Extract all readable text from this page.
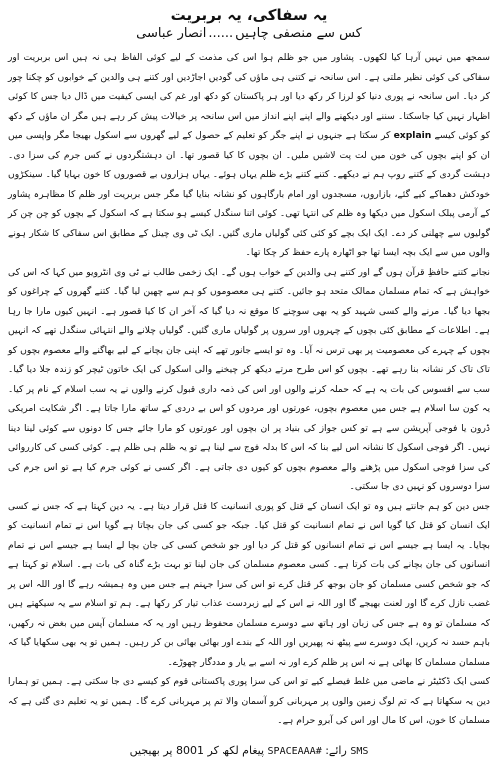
یہ سفاکی، یہ بربریت
کس سے منصفی چاہیں......انصار عباسی

سمجھ میں نہیں آرہا کیا لکھوں۔ پشاور میں جو ظلم ہوا اس کی مذمت کے لیے کوئی الفاظ ہی نہ ہیں اس بربریت اور سفاکی کی کوئی نظیر ملتی ہے۔ اس سانحہ نے کتنی ہی ماؤں کی گودیں اجاڑدیں اور کتنے ہی والدین کے خوابوں کو چکنا چور کر دیا۔ اس سانحہ نے پوری دنیا کو لرزا کر رکھ دیا اور ہر پاکستان کو دکھ اور غم کی ایسی کیفیت میں ڈال دیا جس کا کوئی اظہار نہیں کیا جاسکتا۔ سننے اور دیکھنے والے اپنے اپنے انداز میں اس سانحہ پر خیالات پیش کر رہے ہیں مگر ان ماؤں کے دکھ کو کوئی کیسے explain کر سکتا ہے جنہوں نے اپنے جگر کو تعلیم کے حصول کے لیے گھروں سے اسکول بھیجا مگر واپسی میں ان کو اپنے بچوں کی خون میں لت پت لاشیں ملیں۔ ان بچوں کا کیا قصور تھا۔ ان دہشتگردوں نے کس جرم کی سزا دی۔ دہشت گردی کے کتنے روپ ہم نے دیکھے۔ کتنے کتنے بڑے ظلم یہاں ہوئے۔ یہاں ہزاروں بے قصوروں کا خون بہایا گیا۔ سینکڑوں خودکش دھماکے کیے گئے، بازاروں، مسجدوں اور امام بارگاہوں کو نشانہ بنایا گیا مگر جس بربریت اور ظلم کا مظاہرہ پشاور کے آرمی پبلک اسکول میں دیکھا وہ ظلم کی انتہا تھی۔ کوئی اتنا سنگدل کیسے ہو سکتا ہے کہ اسکول کے بچوں کو چن چن کر گولیوں سے چھلنی کر دے۔ ایک ایک بچے کو کئی کئی گولیاں ماری گئیں۔ ایک ٹی وی چینل کے مطابق اس سفاکی کا شکار ہونے والوں میں سے ایک بچہ ایسا تھا جو اٹھارہ پارے حفظ کر چکا تھا۔

نجانے کتنے حافظِ قرآن ہوں گے اور کتنے ہی والدین کے خواب ہوں گے۔ ایک زخمی طالب نے ٹی وی انٹرویو میں کہا کہ اس کی خواہش ہے کہ تمام مسلمان ممالک متحد ہو جائیں۔ کتنے ہی معصوموں کو ہم سے چھین لیا گیا۔ کتنے گھروں کے چراغوں کو بجھا دیا گیا۔ مرنے والے کسی شہید کو یہ بھی سوچنے کا موقع نہ دیا گیا کہ آخر ان کا کیا قصور ہے۔ انہیں کیوں مارا جا رہا ہے۔ اطلاعات کے مطابق کئی بچوں کے چہروں اور سروں پر گولیاں ماری گئیں۔ گولیاں چلانے والے انتہائی سنگدل تھے کہ انہیں بچوں کے چہرے کی معصومیت پر بھی ترس نہ آیا۔ وہ تو ایسے جانور تھے کہ اپنی جان بچانے کے لیے بھاگنے والے معصوم بچوں کو تاک تاک کر نشانہ بنا رہے تھے۔ بچوں کو اس طرح مرتے دیکھ کر چیخنے والی اسکول کی ایک خاتون ٹیچر کو زندہ جلا دیا گیا۔ سب سے افسوس کی بات یہ ہے کہ حملہ کرنے والوں اور اس کی ذمہ داری قبول کرنے والوں نے یہ سب اسلام کے نام پر کیا۔ یہ کون سا اسلام ہے جس میں معصوم بچوں، عورتوں اور مردوں کو اس بے دردی کے ساتھ مارا جاتا ہے۔ اگر شکایت امریکی ڈرون یا فوجی آپریشن سے ہے تو کس جواز کی بنیاد پر ان بچوں اور عورتوں کو مارا جائے جس کا دونوں سے کوئی لینا دینا نہیں۔ اگر فوجی اسکول کا نشانہ اس لیے بنا کہ اس کا بدلہ فوج سے لینا ہے تو یہ ظلم ہی ظلم ہے۔ کوئی کسی کی کارروائی کی سزا فوجی اسکول میں پڑھنے والے معصوم بچوں کو کیوں دی جاتی ہے۔ اگر کسی نے کوئی جرم کیا ہے تو اس جرم کی سزا دوسروں کو نہیں دی جا سکتی۔

جس دین کو ہم جانتے ہیں وہ تو ایک انسان کے قتل کو پوری انسانیت کا قتل قرار دیتا ہے۔ یہ دین کہتا ہے کہ جس نے کسی ایک انسان کو قتل کیا گویا اس نے تمام انسانیت کو قتل کیا۔ جبکہ جو کسی کی جان بچاتا ہے گویا اس نے تمام انسانیت کو بچایا۔ یہ ایسا ہے جیسے اس نے تمام انسانوں کو قتل کر دیا اور جو شخص کسی کی جان بچا لے ایسا ہے جیسے اس نے تمام انسانوں کی جان بچانے کی بات کرتا ہے۔ کسی معصوم مسلمان کی جان لینا تو بہت بڑے گناہ کی بات ہے۔ اسلام تو کہتا ہے کہ جو شخص کسی مسلمان کو جان بوجھ کر قتل کرے تو اس کی سزا جہنم ہے جس میں وہ ہمیشہ رہے گا اور اللہ اس پر غضب نازل کرے گا اور لعنت بھیجے گا اور اللہ نے اس کے لیے زبردست عذاب تیار کر رکھا ہے۔ ہم تو اسلام سے یہ سیکھتے ہیں کہ مسلمان تو وہ ہے جس کی زبان اور ہاتھ سے دوسرے مسلمان محفوظ رہیں اور یہ کہ مسلمان آپس میں بغض نہ رکھیں، باہم حسد نہ کریں، ایک دوسرے سے پیٹھ نہ پھیریں اور اللہ کے بندے اور بھائی بھائی بن کر رہیں۔ ہمیں تو یہ بھی سکھایا گیا کہ مسلمان مسلمان کا بھائی ہے نہ اس پر ظلم کرے اور نہ اسے بے یار و مددگار چھوڑے۔

کسی ایک ڈکٹیٹر نے ماضی میں غلط فیصلے کیے تو اس کی سزا پوری پاکستانی قوم کو کیسے دی جا سکتی ہے۔ ہمیں تو ہمارا دین یہ سکھاتا ہے کہ تم لوگ زمین والوں پر مہربانی کرو آسمان والا تم پر مہربانی کرے گا۔ ہمیں تو یہ تعلیم دی گئی ہے کہ مسلمان کا خون، اس کا مال اور اس کی آبرو حرام ہے۔

SMS رائے: SPACEAAA# پیغام لکھ کر 8001 پر بھیجیں
